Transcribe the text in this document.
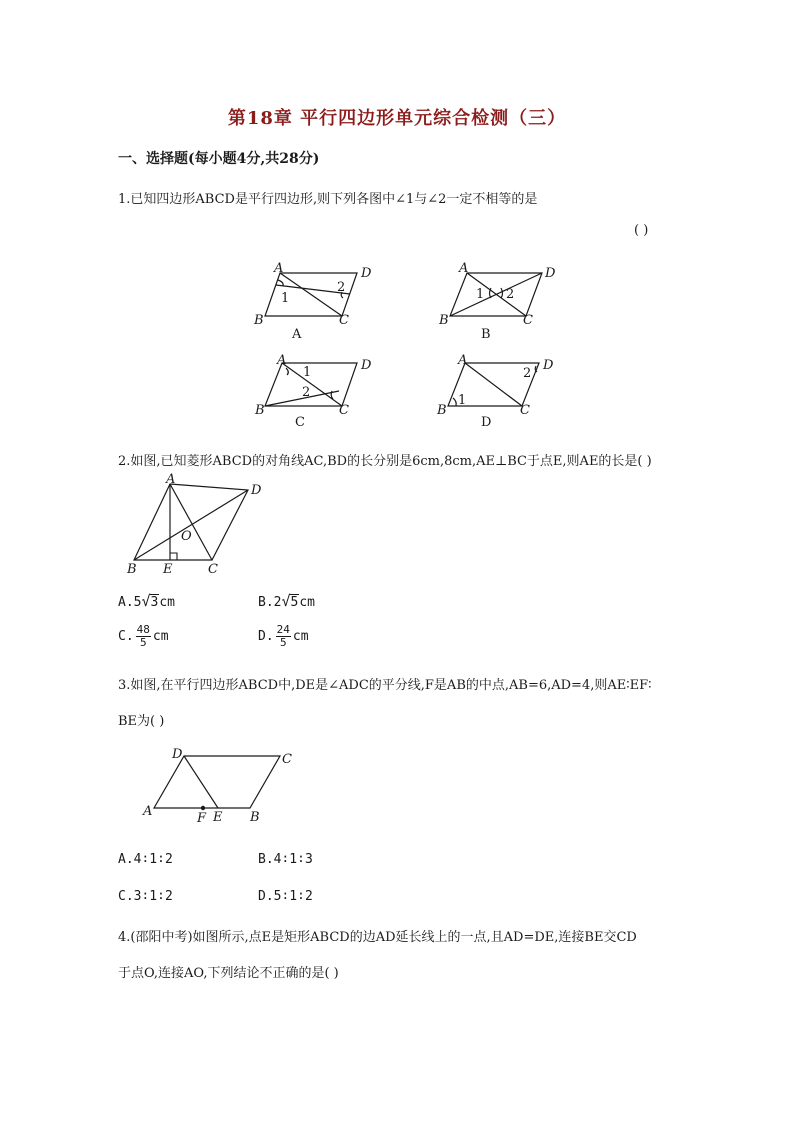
第18章 平行四边形单元综合检测（三）
一、选择题(每小题4分,共28分)
1.已知四边形ABCD是平行四边形,则下列各图中∠1与∠2一定不相等的是
( )
A
B	C
D
1
2
A
A
B	C
D
1 2
B
A
B	C
D
1
2
C
A
B	C
D
1
2
D
2.如图,已知菱形ABCD的对角线AC,BD的长分别是6cm,8cm,AE⊥BC于点E,则AE的长是( )
A
B	C
D
E
O
A.5√3cm	B.2√5cm
C. $\frac{48}{5}$ cm	D. $\frac{24}{5}$ cm
3.如图,在平行四边形ABCD中,DE是∠ADC的平分线,F是AB的中点,AB=6,AD=4,则AE∶EF∶
BE为( )
D	C
A	B
F E
A.4∶1∶2	B.4∶1∶3
C.3∶1∶2	D.5∶1∶2
4.(邵阳中考)如图所示,点E是矩形ABCD的边AD延长线上的一点,且AD=DE,连接BE交CD
于点O,连接AO,下列结论不正确的是( )
